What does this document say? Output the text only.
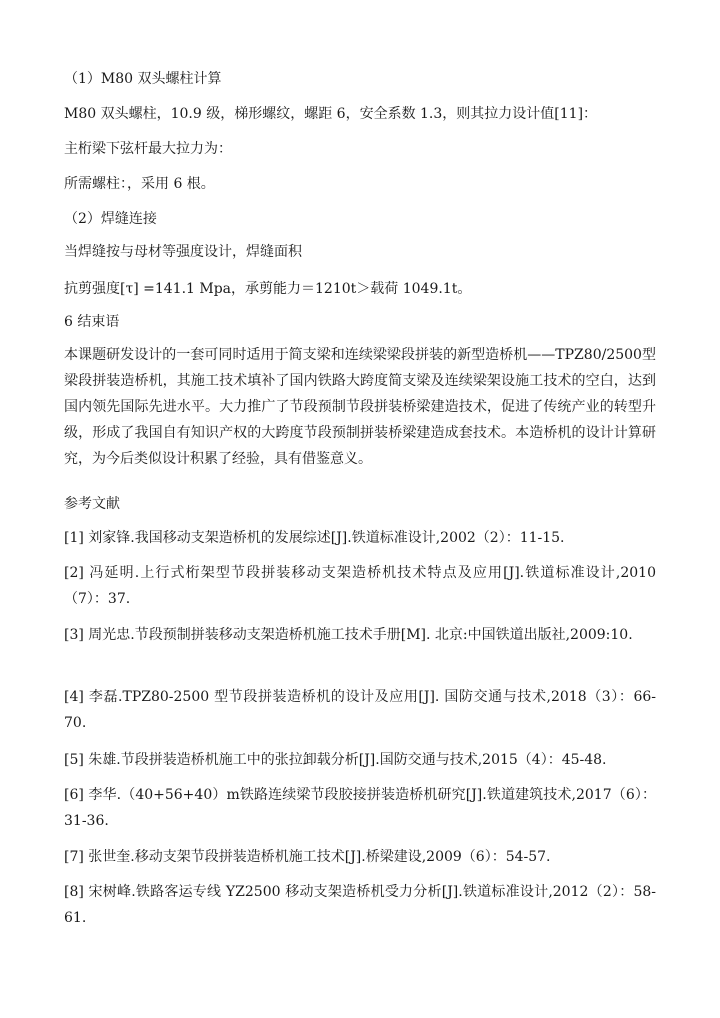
（1）M80 双头螺柱计算
M80 双头螺柱，10.9 级，梯形螺纹，螺距 6，安全系数 1.3，则其拉力设计值[11]：
主桁梁下弦杆最大拉力为：
所需螺柱：，采用 6 根。
（2）焊缝连接
当焊缝按与母材等强度设计，焊缝面积
抗剪强度[τ] =141.1 Mpa，承剪能力＝1210t＞载荷 1049.1t。
6 结束语
本课题研发设计的一套可同时适用于简支梁和连续梁梁段拼装的新型造桥机——TPZ80/2500型梁段拼装造桥机，其施工技术填补了国内铁路大跨度简支梁及连续梁架设施工技术的空白，达到国内领先国际先进水平。大力推广了节段预制节段拼装桥梁建造技术，促进了传统产业的转型升级，形成了我国自有知识产权的大跨度节段预制拼装桥梁建造成套技术。本造桥机的设计计算研究，为今后类似设计积累了经验，具有借鉴意义。
参考文献
[1] 刘家锋.我国移动支架造桥机的发展综述[J].铁道标准设计,2002（2）：11-15.
[2] 冯延明.上行式桁架型节段拼装移动支架造桥机技术特点及应用[J].铁道标准设计,2010（7）：37.
[3] 周光忠.节段预制拼装移动支架造桥机施工技术手册[M]. 北京:中国铁道出版社,2009:10.
[4] 李磊.TPZ80-2500 型节段拼装造桥机的设计及应用[J]. 国防交通与技术,2018（3）：66-70.
[5] 朱雄.节段拼装造桥机施工中的张拉卸载分析[J].国防交通与技术,2015（4）：45-48.
[6] 李华.（40+56+40）m铁路连续梁节段胶接拼装造桥机研究[J].铁道建筑技术,2017（6）：31-36.
[7] 张世奎.移动支架节段拼装造桥机施工技术[J].桥梁建设,2009（6）：54-57.
[8] 宋树峰.铁路客运专线 YZ2500 移动支架造桥机受力分析[J].铁道标准设计,2012（2）：58-61.
